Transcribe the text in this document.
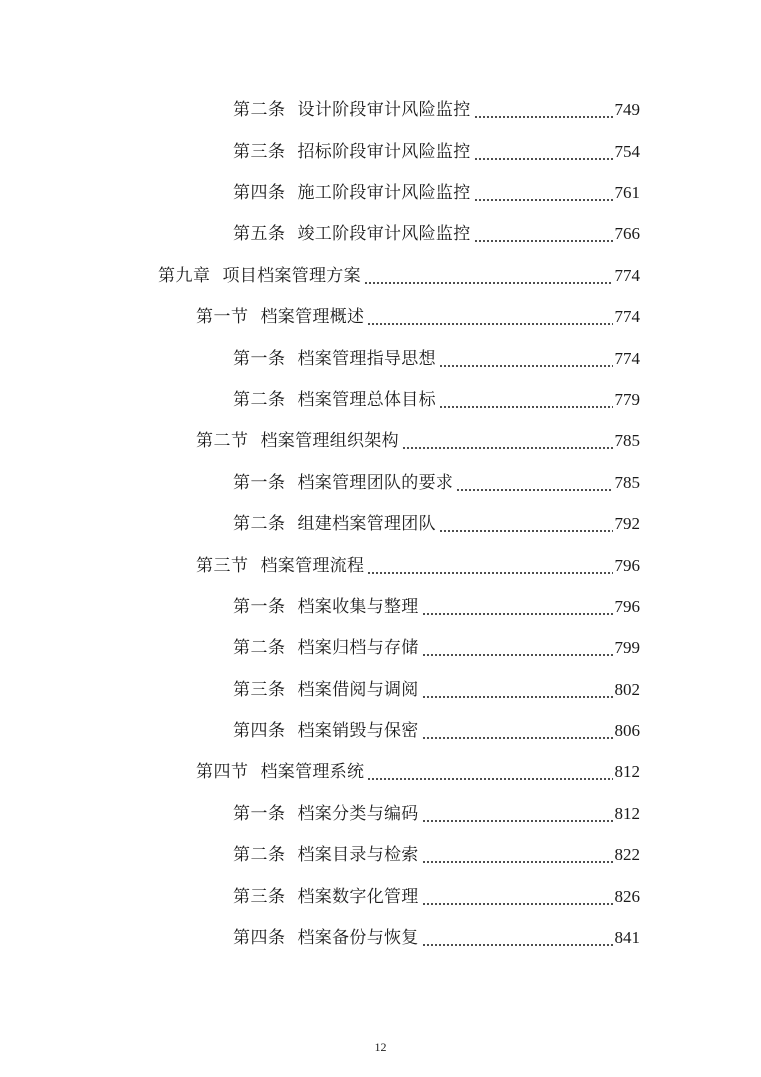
第二条 设计阶段审计风险监控	749
第三条 招标阶段审计风险监控	754
第四条 施工阶段审计风险监控	761
第五条 竣工阶段审计风险监控	766
第九章 项目档案管理方案	774
第一节 档案管理概述	774
第一条 档案管理指导思想	774
第二条 档案管理总体目标	779
第二节 档案管理组织架构	785
第一条 档案管理团队的要求	785
第二条 组建档案管理团队	792
第三节 档案管理流程	796
第一条 档案收集与整理	796
第二条 档案归档与存储	799
第三条 档案借阅与调阅	802
第四条 档案销毁与保密	806
第四节 档案管理系统	812
第一条 档案分类与编码	812
第二条 档案目录与检索	822
第三条 档案数字化管理	826
第四条 档案备份与恢复	841
12
